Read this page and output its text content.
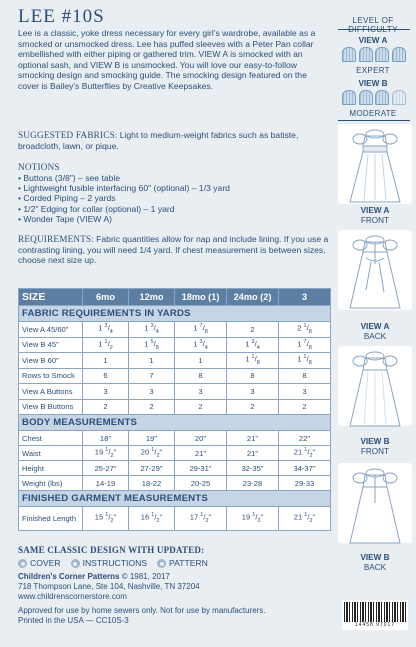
LEE #10S

Lee is a classic, yoke dress necessary for every girl's wardrobe, available as a smocked or unsmocked dress. Lee has puffed sleeves with a Peter Pan collar embellished with either piping or gathered trim. VIEW A is smocked with an optional sash, and VIEW B is unsmocked. You will love our easy-to-follow smocking design and smocking guide. The smocking design featured on the cover is Bailey's Butterflies by Creative Keepsakes.

SUGGESTED FABRICS: Light to medium-weight fabrics such as batiste, broadcloth, lawn, or pique.
NOTIONS
• Buttons (3/8") – see table
• Lightweight fusible interfacing 60" (optional) – 1/3 yard
• Corded Piping – 2 yards
• 1/2" Edging for collar (optional) – 1 yard
• Wonder Tape (VIEW A)
REQUIREMENTS: Fabric quantities allow for nap and include lining. If you use a contrasting lining, you will need 1/4 yard. If chest measurement is between sizes, choose next size up.
SIZE	6mo	12mo	18mo (1)	24mo (2)	3
FABRIC REQUIREMENTS IN YARDS					
View A 45/60"	1 $^3/_4$	1 $^3/_4$	1 $^7/_8$	2	2 $^1/_8$
View B 45"	1 $^1/_2$	1 $^5/_8$	1 $^3/_4$	1 $^3/_4$	1 $^7/_8$
View B 60"	1	1	1	1 $^1/_8$	1 $^1/_8$
Rows to Smock	6	7	8	8	8
View A Buttons	3	3	3	3	3
View B Buttons	2	2	2	2	2
BODY MEASUREMENTS					
Chest	18"	19"	20"	21"	22"
Waist	19 $^1/_2$"	20 $^1/_2$"	21"	21"	21 $^1/_2$"
Height	25-27"	27-29"	29-31"	32-35"	34-37"
Weight (lbs)	14-19	18-22	20-25	23-28	29-33
FINISHED GARMENT MEASUREMENTS					
Finished Length	15 $^1/_2$"	16 $^1/_2$"	17 $^1/_2$"	19 $^1/_2$"	21 $^1/_2$"
SAME CLASSIC DESIGN WITH UPDATED:
COVER	INSTRUCTIONS	PATTERN
Children's Corner Patterns © 1981, 2017
718 Thompson Lane, Ste 104, Nashville, TN 37204
www.childrenscornerstore.com
Approved for use by home sewers only. Not for use by manufacturers.
Printed in the USA — CC10S-3
LEVEL OF
VIEW A
EXPERT
VIEW B
MODERATE
VIEW A
FRONT
VIEW A
BACK
VIEW B
FRONT
VIEW B
BACK
14458 97017
